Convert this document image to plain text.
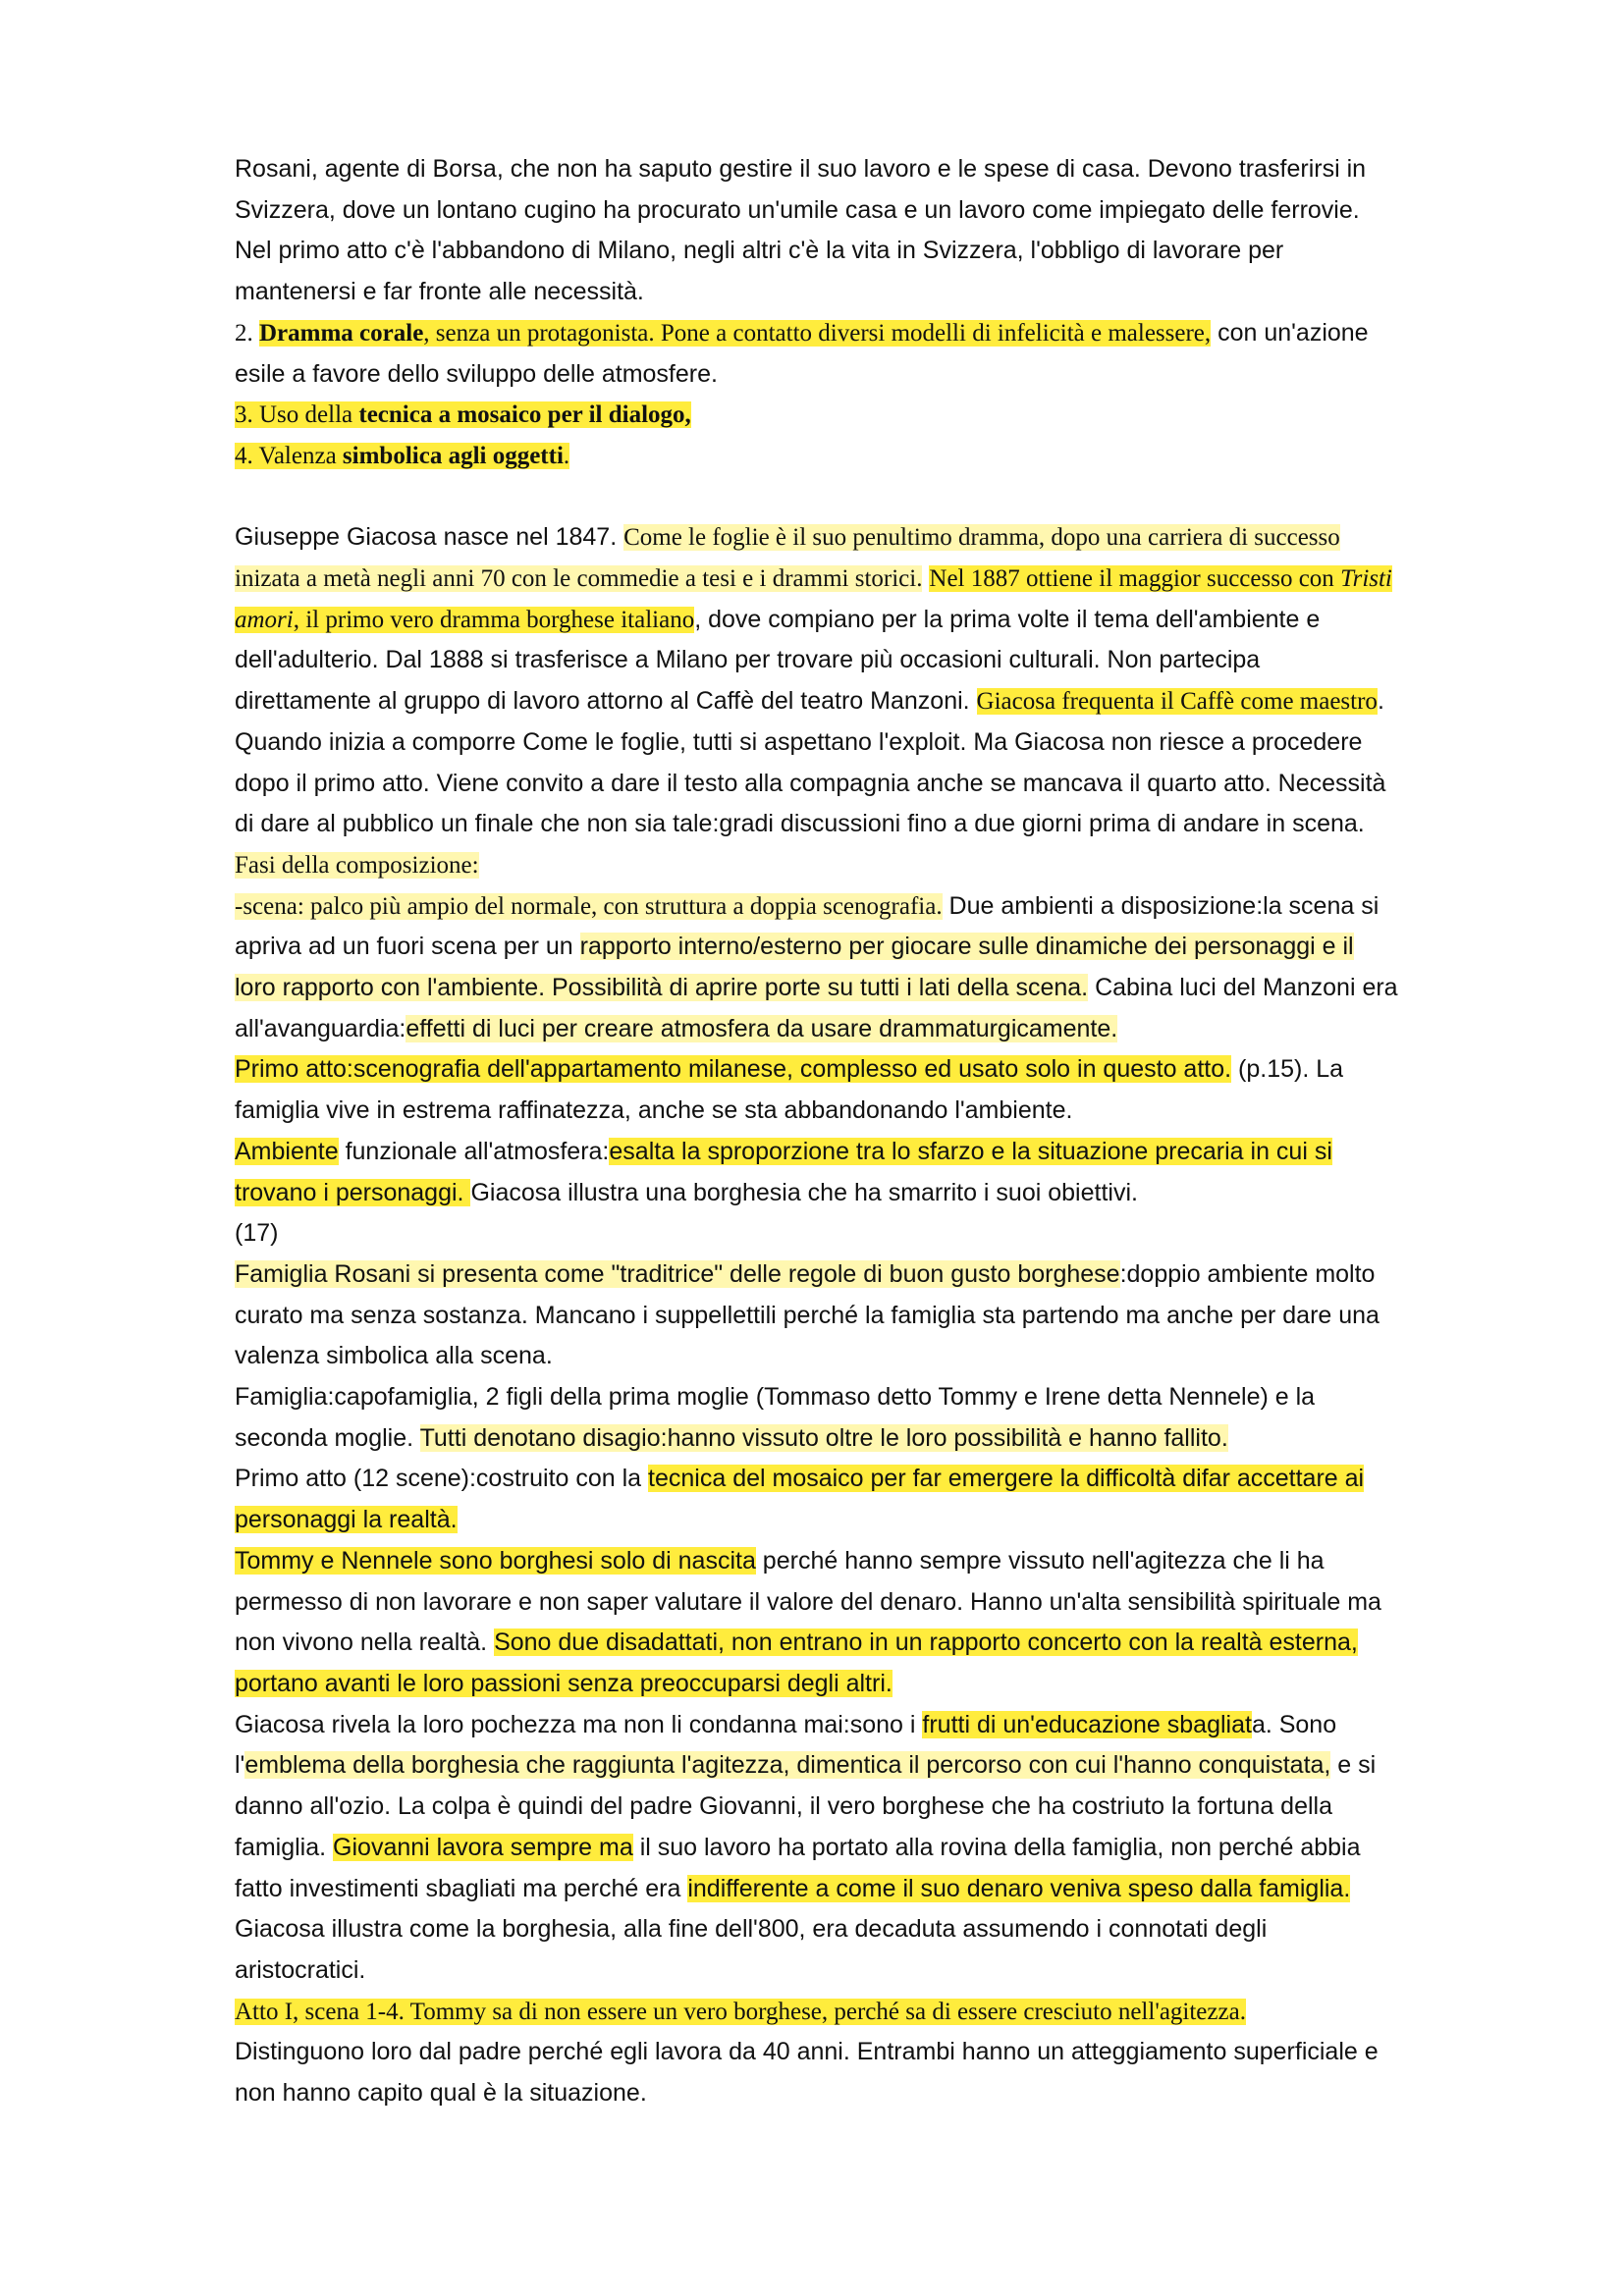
Rosani, agente di Borsa, che non ha saputo gestire il suo lavoro e le spese di casa. Devono trasferirsi in Svizzera, dove un lontano cugino ha procurato un'umile casa e un lavoro come impiegato delle ferrovie. Nel primo atto c'è l'abbandono di Milano, negli altri c'è la vita in Svizzera, l'obbligo di lavorare per mantenersi e far fronte alle necessità.
2. Dramma corale, senza un protagonista. Pone a contatto diversi modelli di infelicità e malessere, con un'azione esile a favore dello sviluppo delle atmosfere.
3. Uso della tecnica a mosaico per il dialogo,
4. Valenza simbolica agli oggetti.
Giuseppe Giacosa nasce nel 1847. Come le foglie è il suo penultimo dramma, dopo una carriera di successo inizata a metà negli anni 70 con le commedie a tesi e i drammi storici. Nel 1887 ottiene il maggior successo con Tristi amori, il primo vero dramma borghese italiano, dove compiano per la prima volte il tema dell'ambiente e dell'adulterio. Dal 1888 si trasferisce a Milano per trovare più occasioni culturali. Non partecipa direttamente al gruppo di lavoro attorno al Caffè del teatro Manzoni. Giacosa frequenta il Caffè come maestro. Quando inizia a comporre Come le foglie, tutti si aspettano l'exploit. Ma Giacosa non riesce a procedere dopo il primo atto. Viene convito a dare il testo alla compagnia anche se mancava il quarto atto. Necessità di dare al pubblico un finale che non sia tale:gradi discussioni fino a due giorni prima di andare in scena.
Fasi della composizione:
-scena: palco più ampio del normale, con struttura a doppia scenografia. Due ambienti a disposizione:la scena si apriva ad un fuori scena per un rapporto interno/esterno per giocare sulle dinamiche dei personaggi e il loro rapporto con l'ambiente. Possibilità di aprire porte su tutti i lati della scena. Cabina luci del Manzoni era all'avanguardia:effetti di luci per creare atmosfera da usare drammaturgicamente.
Primo atto:scenografia dell'appartamento milanese, complesso ed usato solo in questo atto. (p.15). La famiglia vive in estrema raffinatezza, anche se sta abbandonando l'ambiente.
Ambiente funzionale all'atmosfera:esalta la sproporzione tra lo sfarzo e la situazione precaria in cui si trovano i personaggi. Giacosa illustra una borghesia che ha smarrito i suoi obiettivi.
(17)
Famiglia Rosani si presenta come "traditrice" delle regole di buon gusto borghese:doppio ambiente molto curato ma senza sostanza. Mancano i suppellettili perché la famiglia sta partendo ma anche per dare una valenza simbolica alla scena.
Famiglia:capofamiglia, 2 figli della prima moglie (Tommaso detto Tommy e Irene detta Nennele) e la seconda moglie. Tutti denotano disagio:hanno vissuto oltre le loro possibilità e hanno fallito.
Primo atto (12 scene):costruito con la tecnica del mosaico per far emergere la difficoltà difar accettare ai personaggi la realtà.
Tommy e Nennele sono borghesi solo di nascita perché hanno sempre vissuto nell'agitezza che li ha permesso di non lavorare e non saper valutare il valore del denaro. Hanno un'alta sensibilità spirituale ma non vivono nella realtà. Sono due disadattati, non entrano in un rapporto concerto con la realtà esterna, portano avanti le loro passioni senza preoccuparsi degli altri.
Giacosa rivela la loro pochezza ma non li condanna mai:sono i frutti di un'educazione sbagliata. Sono l'emblema della borghesia che raggiunta l'agitezza, dimentica il percorso con cui l'hanno conquistata, e si danno all'ozio. La colpa è quindi del padre Giovanni, il vero borghese che ha costriuto la fortuna della famiglia. Giovanni lavora sempre ma il suo lavoro ha portato alla rovina della famiglia, non perché abbia fatto investimenti sbagliati ma perché era indifferente a come il suo denaro veniva speso dalla famiglia. Giacosa illustra come la borghesia, alla fine dell'800, era decaduta assumendo i connotati degli aristocratici.
Atto I, scena 1-4. Tommy sa di non essere un vero borghese, perché sa di essere cresciuto nell'agitezza.
Distinguono loro dal padre perché egli lavora da 40 anni. Entrambi hanno un atteggiamento superficiale e non hanno capito qual è la situazione.
